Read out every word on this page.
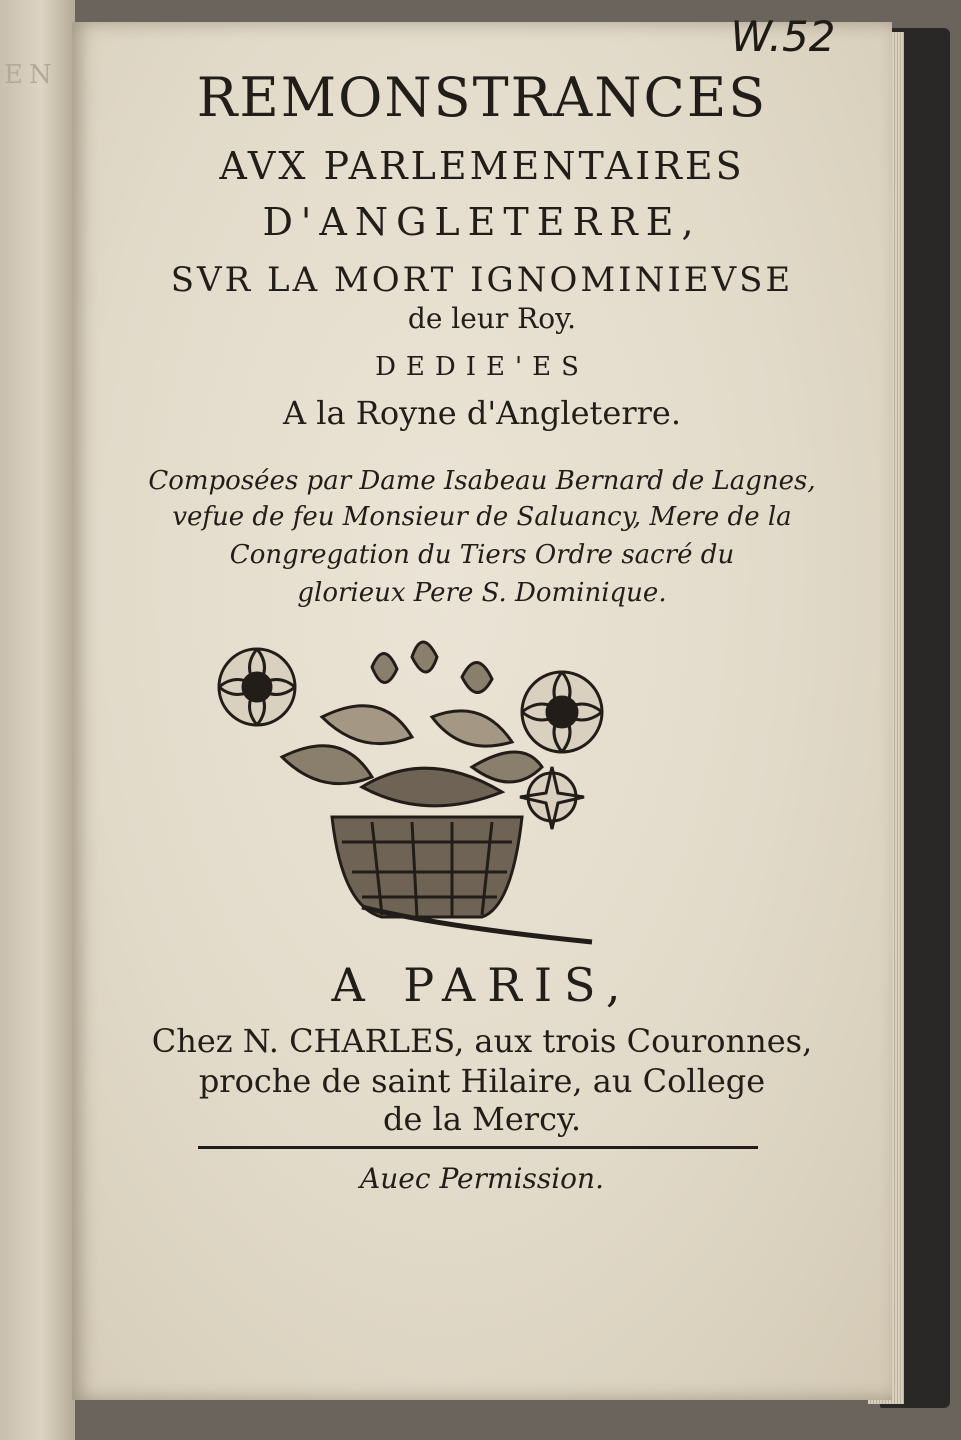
EN	REMONSTRANCES
AVX PARLEMENTAIRES
D'ANGLETERRE,
SVR LA MORT IGNOMINIEVSE
de leur Roy.
DEDIE'ES
A la Royne d'Angleterre.
Composées par Dame Isabeau Bernard de Lagnes,
vefue de feu Monsieur de Saluancy, Mere de la
Congregation du Tiers Ordre sacré du
glorieux Pere S. Dominique.
A PARIS,
Chez N. CHARLES, aux trois Couronnes,
proche de saint Hilaire, au College
de la Mercy.
Auec Permission.
W.52
